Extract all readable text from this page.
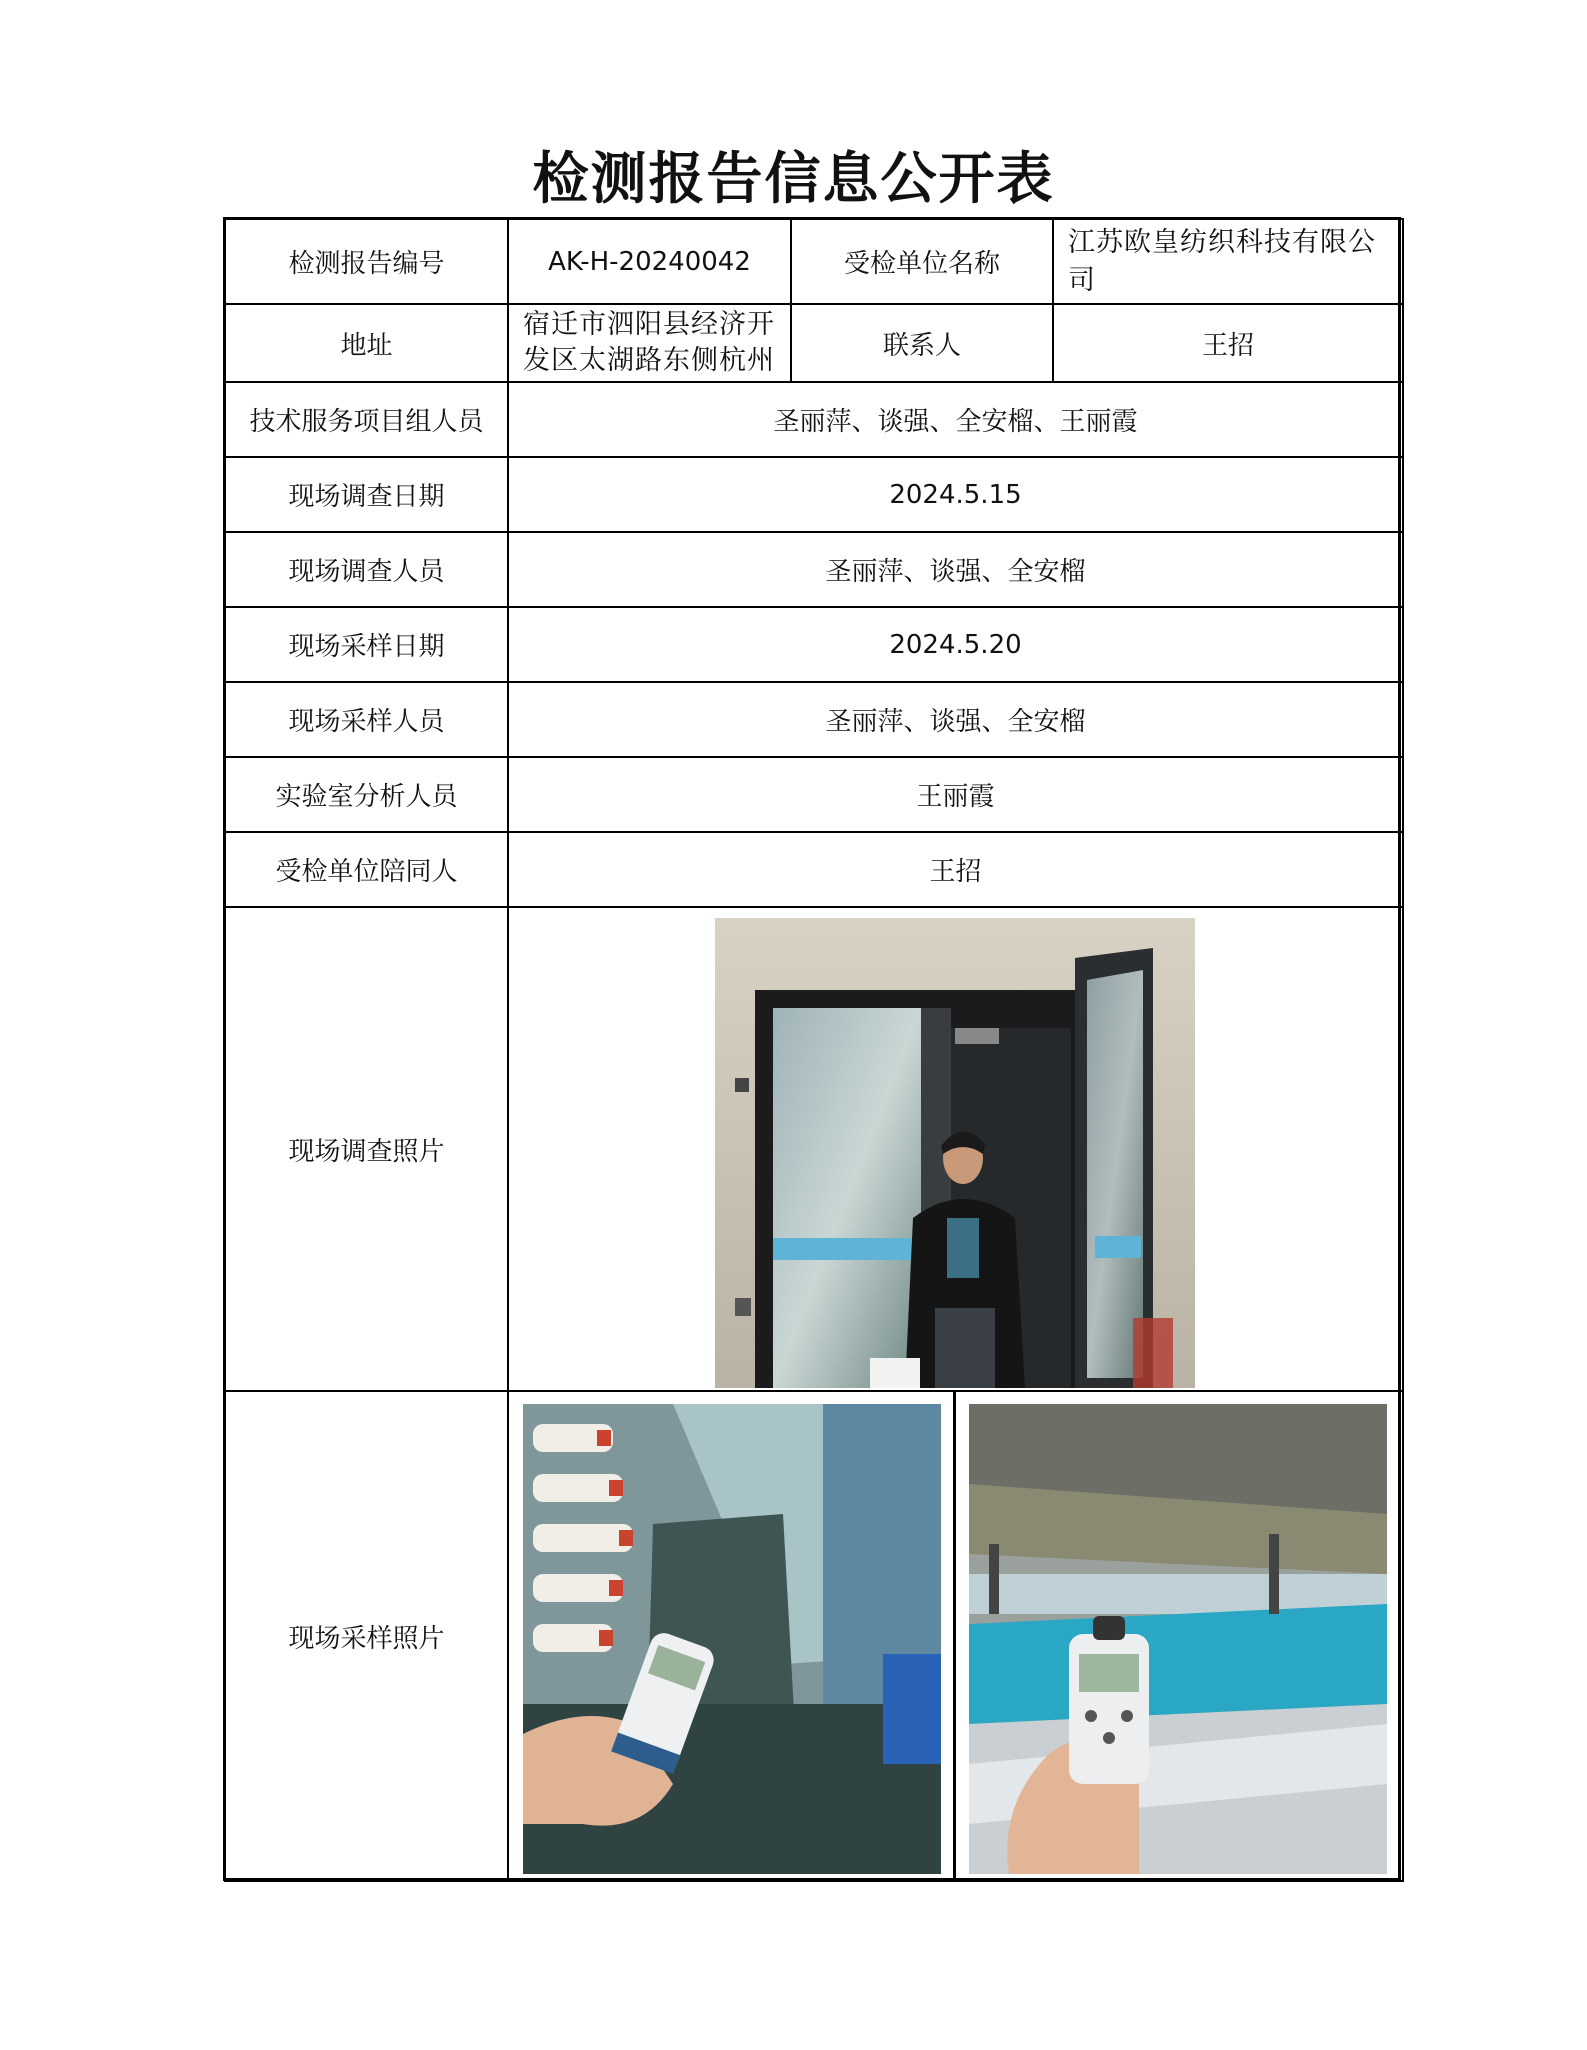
检测报告信息公开表
检测报告编号	AK-H-20240042	受检单位名称	江苏欧皇纺织科技有限公司

地址	宿迁市泗阳县经济开发区太湖路东侧杭州	联系人	王招
技术服务项目组人员	圣丽萍、谈强、全安榴、王丽霞		
现场调查日期	2024.5.15		
现场调查人员	圣丽萍、谈强、全安榴		
现场采样日期	2024.5.20		
现场采样人员	圣丽萍、谈强、全安榴		
实验室分析人员	王丽霞		
受检单位陪同人	王招		
现场调查照片	

现场采样照片	
